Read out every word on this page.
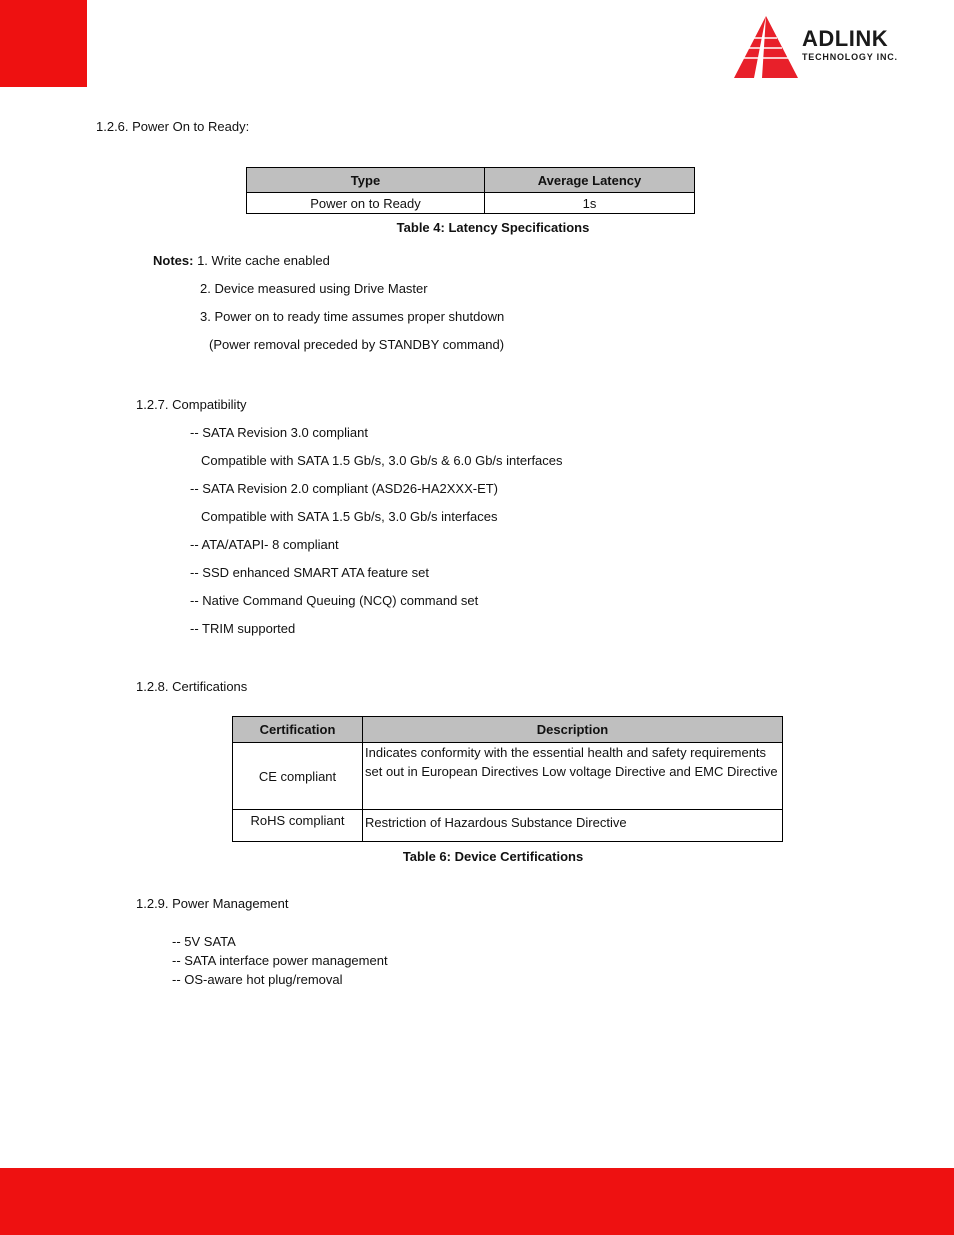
ADLINK
TECHNOLOGY INC.
1.2.6. Power On to Ready:
Type	Average Latency
Power on to Ready	1s
Table 4: Latency Specifications
Notes: 1. Write cache enabled
2. Device measured using Drive Master
3. Power on to ready time assumes proper shutdown
(Power removal preceded by STANDBY command)
1.2.7. Compatibility
-- SATA Revision 3.0 compliant
Compatible with SATA 1.5 Gb/s, 3.0 Gb/s & 6.0 Gb/s interfaces
-- SATA Revision 2.0 compliant (ASD26-HA2XXX-ET)
Compatible with SATA 1.5 Gb/s, 3.0 Gb/s interfaces
-- ATA/ATAPI- 8 compliant
-- SSD enhanced SMART ATA feature set
-- Native Command Queuing (NCQ) command set
-- TRIM supported
1.2.8. Certifications
Certification	Description
CE compliant	Indicates conformity with the essential health and safety requirements set out in European Directives Low voltage Directive and EMC Directive
RoHS compliant	Restriction of Hazardous Substance Directive
Table 6: Device Certifications
1.2.9. Power Management
-- 5V SATA
-- SATA interface power management
-- OS-aware hot plug/removal
